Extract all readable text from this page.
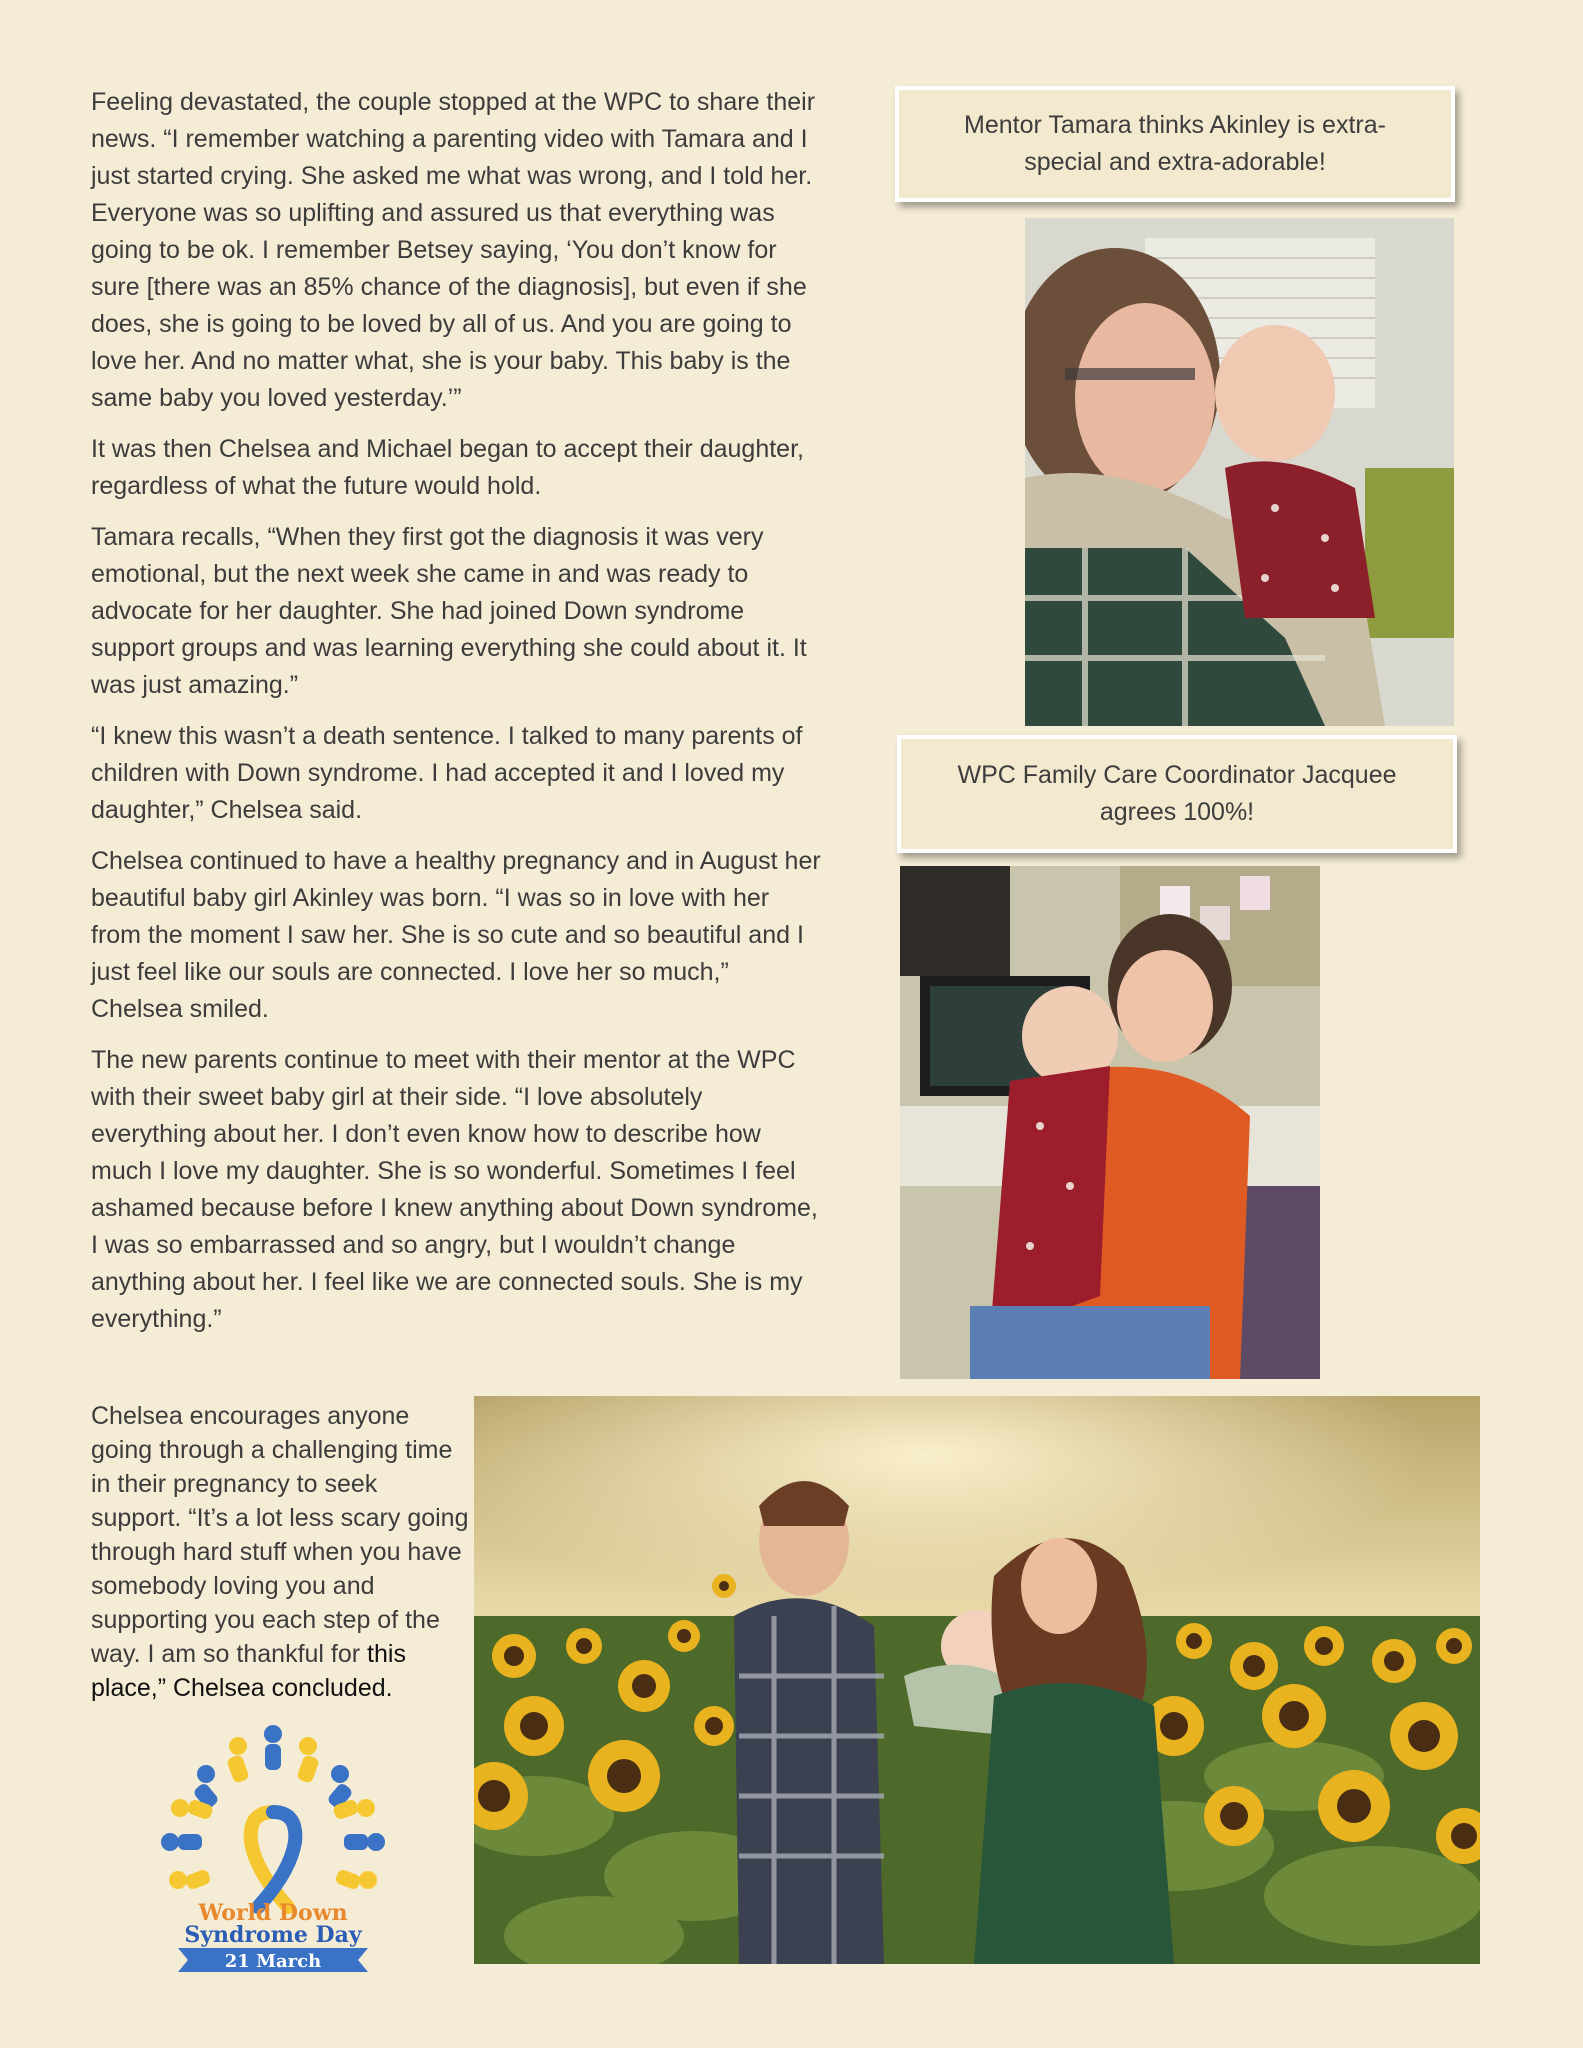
Feeling devastated, the couple stopped at the WPC to share their news. “I remember watching a parenting video with Tamara and I just started crying. She asked me what was wrong, and I told her. Everyone was so uplifting and assured us that everything was going to be ok. I remember Betsey saying, ‘You don’t know for sure [there was an 85% chance of the diagnosis], but even if she does, she is going to be loved by all of us. And you are going to love her. And no matter what, she is your baby. This baby is the same baby you loved yesterday.’”

It was then Chelsea and Michael began to accept their daughter, regardless of what the future would hold.

Tamara recalls, “When they first got the diagnosis it was very emotional, but the next week she came in and was ready to advocate for her daughter. She had joined Down syndrome support groups and was learning everything she could about it. It was just amazing.”

“I knew this wasn’t a death sentence. I talked to many parents of children with Down syndrome. I had accepted it and I loved my daughter,” Chelsea said.

Chelsea continued to have a healthy pregnancy and in August her beautiful baby girl Akinley was born. “I was so in love with her from the moment I saw her. She is so cute and so beautiful and I just feel like our souls are connected. I love her so much,” Chelsea smiled.

The new parents continue to meet with their mentor at the WPC with their sweet baby girl at their side. “I love absolutely everything about her. I don’t even know how to describe how much I love my daughter. She is so wonderful. Sometimes I feel ashamed because before I knew anything about Down syndrome, I was so embarrassed and so angry, but I wouldn’t change anything about her. I feel like we are connected souls. She is my everything.”

Chelsea encourages anyone going through a challenging time in their pregnancy to seek support. “It’s a lot less scary going through hard stuff when you have somebody loving you and supporting you each step of the way. I am so thankful for this place,” Chelsea concluded.

Mentor Tamara thinks Akinley is extra-special and extra-adorable!
WPC Family Care Coordinator Jacquee agrees 100%!
World Down
Syndrome Day
21 March
